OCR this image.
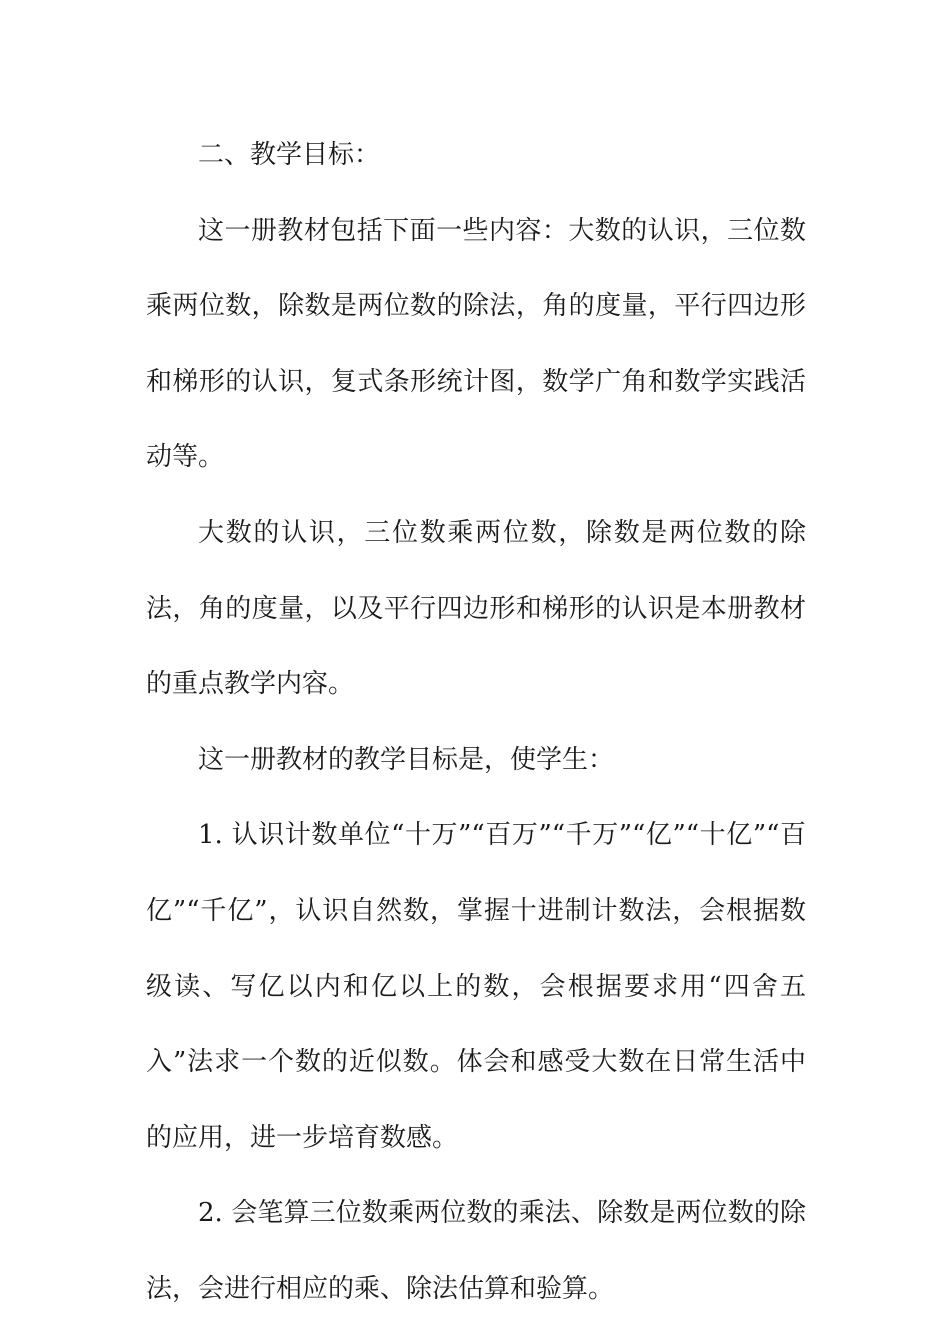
二、教学目标：

这一册教材包括下面一些内容：大数的认识，三位数乘两位数，除数是两位数的除法，角的度量，平行四边形和梯形的认识，复式条形统计图，数学广角和数学实践活动等。

大数的认识，三位数乘两位数，除数是两位数的除法，角的度量，以及平行四边形和梯形的认识是本册教材的重点教学内容。

这一册教材的教学目标是，使学生：

1. 认识计数单位“十万”“百万”“千万”“亿”“十亿”“百亿”“千亿”，认识自然数，掌握十进制计数法，会根据数级读、写亿以内和亿以上的数，会根据要求用“四舍五入”法求一个数的近似数。体会和感受大数在日常生活中的应用，进一步培育数感。

2. 会笔算三位数乘两位数的乘法、除数是两位数的除法，会进行相应的乘、除法估算和验算。
